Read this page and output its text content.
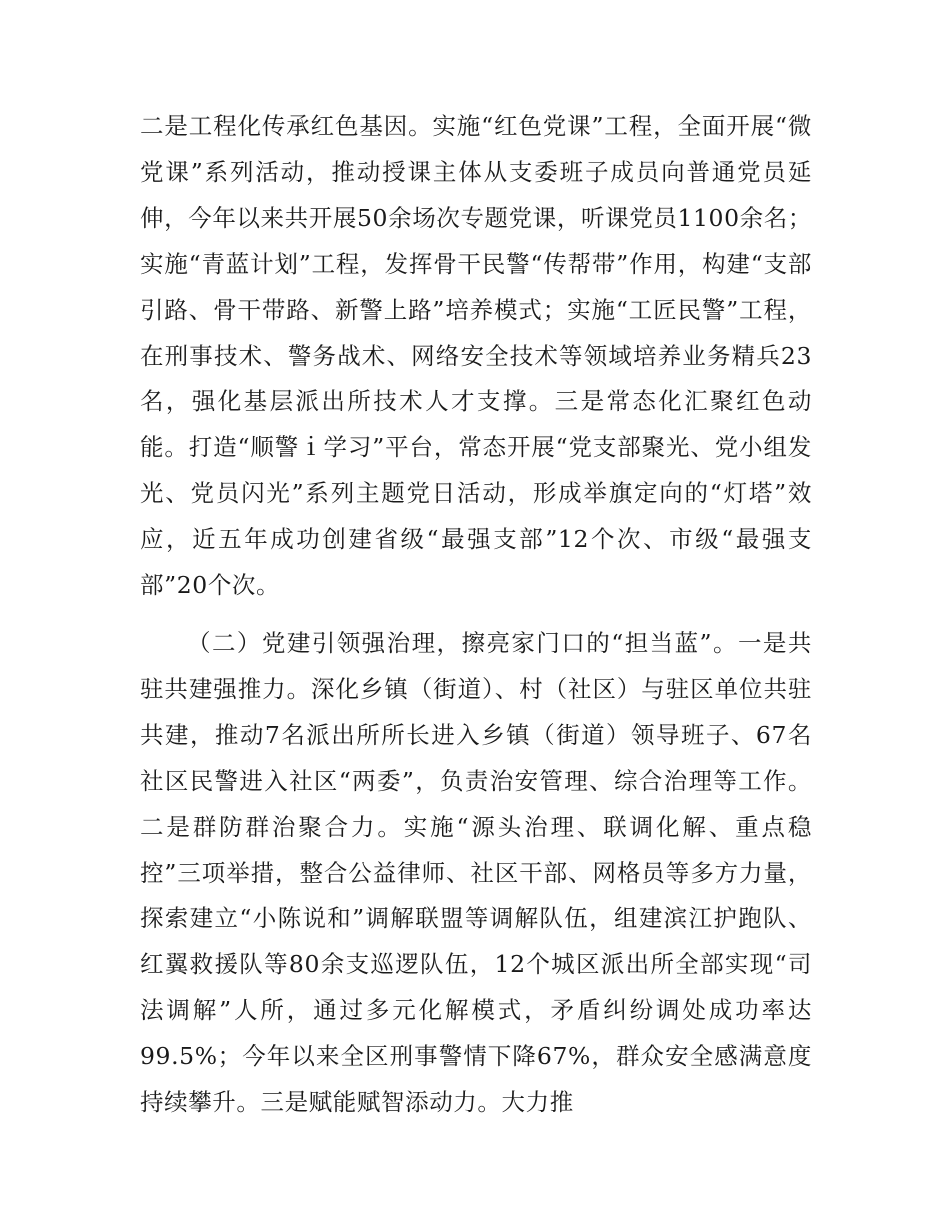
二是工程化传承红色基因。实施“红色党课”工程，全面开展“微党课”系列活动，推动授课主体从支委班子成员向普通党员延伸，今年以来共开展50余场次专题党课，听课党员1100余名；实施“青蓝计划”工程，发挥骨干民警“传帮带”作用，构建“支部引路、骨干带路、新警上路”培养模式；实施“工匠民警”工程，在刑事技术、警务战术、网络安全技术等领域培养业务精兵23名，强化基层派出所技术人才支撑。三是常态化汇聚红色动能。打造“顺警ｉ学习”平台，常态开展“党支部聚光、党小组发光、党员闪光”系列主题党日活动，形成举旗定向的“灯塔”效应，近五年成功创建省级“最强支部”12个次、市级“最强支部”20个次。

（二）党建引领强治理，擦亮家门口的“担当蓝”。一是共驻共建强推力。深化乡镇（街道）、村（社区）与驻区单位共驻共建，推动7名派出所所长进入乡镇（街道）领导班子、67名社区民警进入社区“两委”，负责治安管理、综合治理等工作。二是群防群治聚合力。实施“源头治理、联调化解、重点稳控”三项举措，整合公益律师、社区干部、网格员等多方力量，探索建立“小陈说和”调解联盟等调解队伍，组建滨江护跑队、红翼救援队等80余支巡逻队伍，12个城区派出所全部实现“司法调解”人所，通过多元化解模式，矛盾纠纷调处成功率达99.5%；今年以来全区刑事警情下降67%，群众安全感满意度持续攀升。三是赋能赋智添动力。大力推
